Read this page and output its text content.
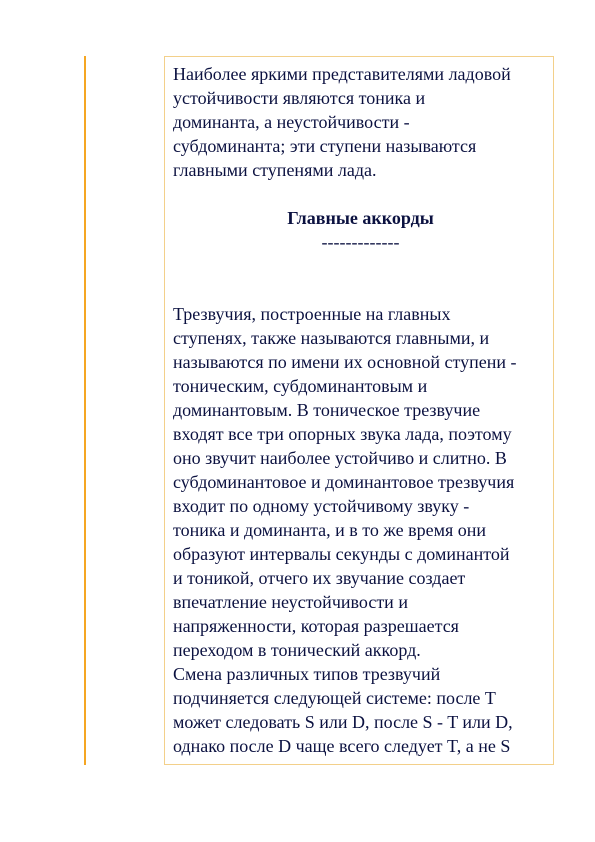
Наиболее яркими представителями ладовой

устойчивости являются тоника и

доминанта, а неустойчивости -

субдоминанта; эти ступени называются

главными ступенями лада.

Главные аккорды

-------------

Трезвучия, построенные на главных

ступенях, также называются главными, и

называются по имени их основной ступени -

тоническим, субдоминантовым и

доминантовым. В тоническое трезвучие

входят все три опорных звука лада, поэтому

оно звучит наиболее устойчиво и слитно. В

субдоминантовое и доминантовое трезвучия

входит по одному устойчивому звуку -

тоника и доминанта, и в то же время они

образуют интервалы секунды с доминантой

и тоникой, отчего их звучание создает

впечатление неустойчивости и

напряженности, которая разрешается

переходом в тонический аккорд.

Смена различных типов трезвучий

подчиняется следующей системе: после T

может следовать S или D, после S - T или D,

однако после D чаще всего следует T, а не S
